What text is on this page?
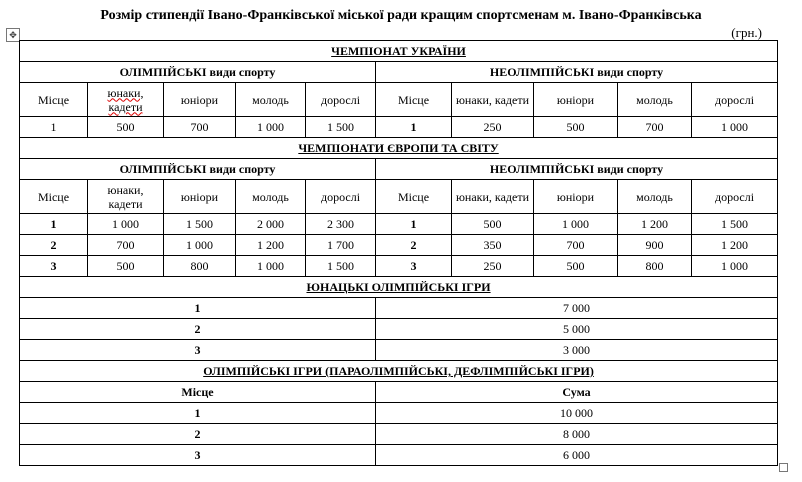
Розмір стипендії Івано-Франківської міської ради кращим спортсменам м. Івано-Франківська
(грн.)
✥
ЧЕМПІОНАТ УКРАЇНИ									
ОЛІМПІЙСЬКІ види спорту					НЕОЛІМПІЙСЬКІ види спорту				
Місце	юнаки, кадети	юніори	молодь	дорослі	Місце	юнаки, кадети	юніори	молодь	дорослі
1	500	700	1 000	1 500	1	250	500	700	1 000
ЧЕМПІОНАТИ ЄВРОПИ ТА СВІТУ									
ОЛІМПІЙСЬКІ види спорту					НЕОЛІМПІЙСЬКІ види спорту				
Місце	юнаки, кадети	юніори	молодь	дорослі	Місце	юнаки, кадети	юніори	молодь	дорослі
1	1 000	1 500	2 000	2 300	1	500	1 000	1 200	1 500
2	700	1 000	1 200	1 700	2	350	700	900	1 200
3	500	800	1 000	1 500	3	250	500	800	1 000
ЮНАЦЬКІ ОЛІМПІЙСЬКІ ІГРИ									
1					7 000				
2					5 000				
3					3 000				
ОЛІМПІЙСЬКІ ІГРИ (ПАРАОЛІМПІЙСЬКІ, ДЕФЛІМПІЙСЬКІ ІГРИ)									
Місце					Сума				
1					10 000				
2					8 000				
3					6 000				
